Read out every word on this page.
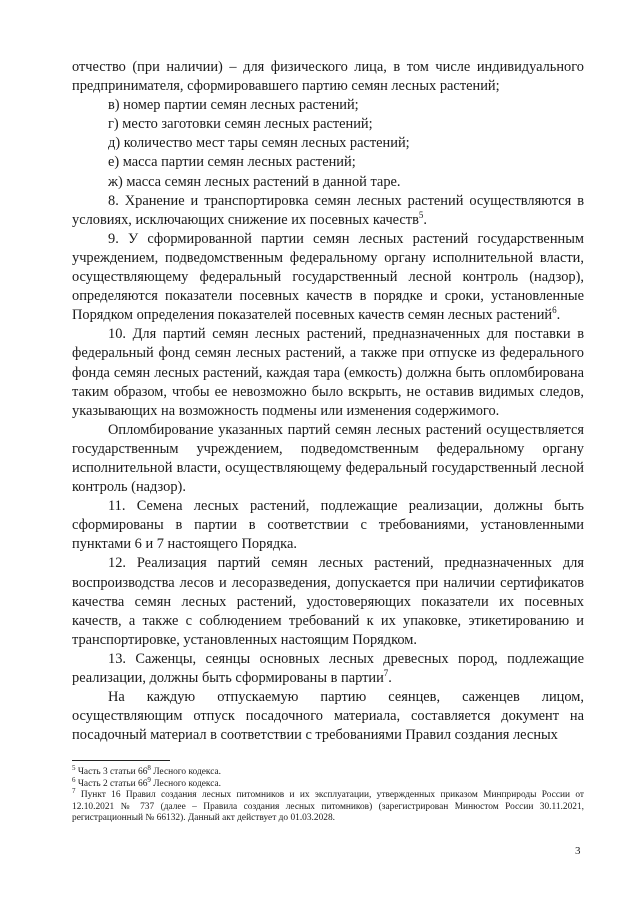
отчество (при наличии) – для физического лица, в том числе индивидуального предпринимателя, сформировавшего партию семян лесных растений;

в) номер партии семян лесных растений;

г) место заготовки семян лесных растений;

д) количество мест тары семян лесных растений;

е) масса партии семян лесных растений;

ж) масса семян лесных растений в данной таре.

8. Хранение и транспортировка семян лесных растений осуществляются в условиях, исключающих снижение их посевных качеств$^5$.

9. У сформированной партии семян лесных растений государственным учреждением, подведомственным федеральному органу исполнительной власти, осуществляющему федеральный государственный лесной контроль (надзор), определяются показатели посевных качеств в порядке и сроки, установленные Порядком определения показателей посевных качеств семян лесных растений$^6$.

10. Для партий семян лесных растений, предназначенных для поставки в федеральный фонд семян лесных растений, а также при отпуске из федерального фонда семян лесных растений, каждая тара (емкость) должна быть опломбирована таким образом, чтобы ее невозможно было вскрыть, не оставив видимых следов, указывающих на возможность подмены или изменения содержимого.

Опломбирование указанных партий семян лесных растений осуществляется государственным учреждением, подведомственным федеральному органу исполнительной власти, осуществляющему федеральный государственный лесной контроль (надзор).

11. Семена лесных растений, подлежащие реализации, должны быть сформированы в партии в соответствии с требованиями, установленными пунктами 6 и 7 настоящего Порядка.

12. Реализация партий семян лесных растений, предназначенных для воспроизводства лесов и лесоразведения, допускается при наличии сертификатов качества семян лесных растений, удостоверяющих показатели их посевных качеств, а также с соблюдением требований к их упаковке, этикетированию и транспортировке, установленных настоящим Порядком.

13. Саженцы, сеянцы основных лесных древесных пород, подлежащие реализации, должны быть сформированы в партии$^7$.

На каждую отпускаемую партию сеянцев, саженцев лицом, осуществляющим отпуск посадочного материала, составляется документ на посадочный материал в соответствии с требованиями Правил создания лесных

$^5$ Часть 3 статьи $66^8$ Лесного кодекса.

$^6$ Часть 2 статьи $66^9$ Лесного кодекса.

$^7$ Пункт 16 Правил создания лесных питомников и их эксплуатации, утвержденных приказом Минприроды России от 12.10.2021 № 737 (далее – Правила создания лесных питомников) (зарегистрирован Минюстом России 30.11.2021, регистрационный № 66132). Данный акт действует до 01.03.2028.

3
